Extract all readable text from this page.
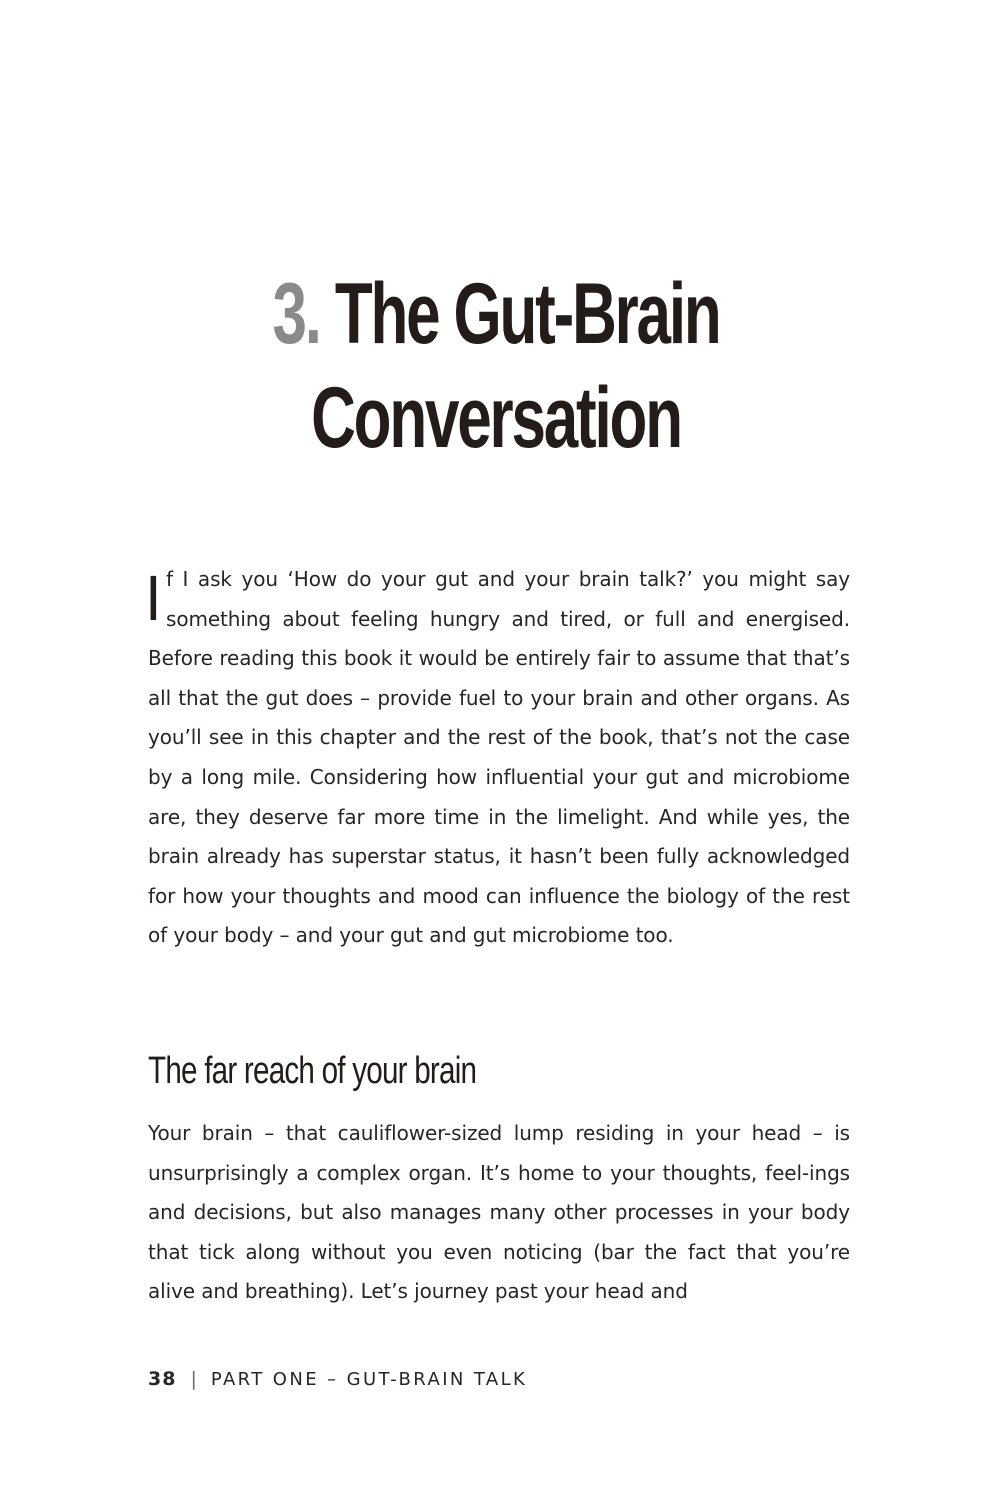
3. The Gut-Brain
Conversation

If I ask you ‘How do your gut and your brain talk?’ you might say something about feeling hungry and tired, or full and energised. Before reading this book it would be entirely fair to assume that that’s all that the gut does – provide fuel to your brain and other organs. As you’ll see in this chapter and the rest of the book, that’s not the case by a long mile. Considering how influential your gut and microbiome are, they deserve far more time in the limelight. And while yes, the brain already has superstar status, it hasn’t been fully acknowledged for how your thoughts and mood can influence the biology of the rest of your body – and your gut and gut microbiome too.

The far reach of your brain

Your brain – that cauliflower-sized lump residing in your head – is unsurprisingly a complex organ. It’s home to your thoughts, feel-ings and decisions, but also manages many other processes in your body that tick along without you even noticing (bar the fact that you’re alive and breathing). Let’s journey past your head and

38 | PART ONE – GUT-BRAIN TALK
